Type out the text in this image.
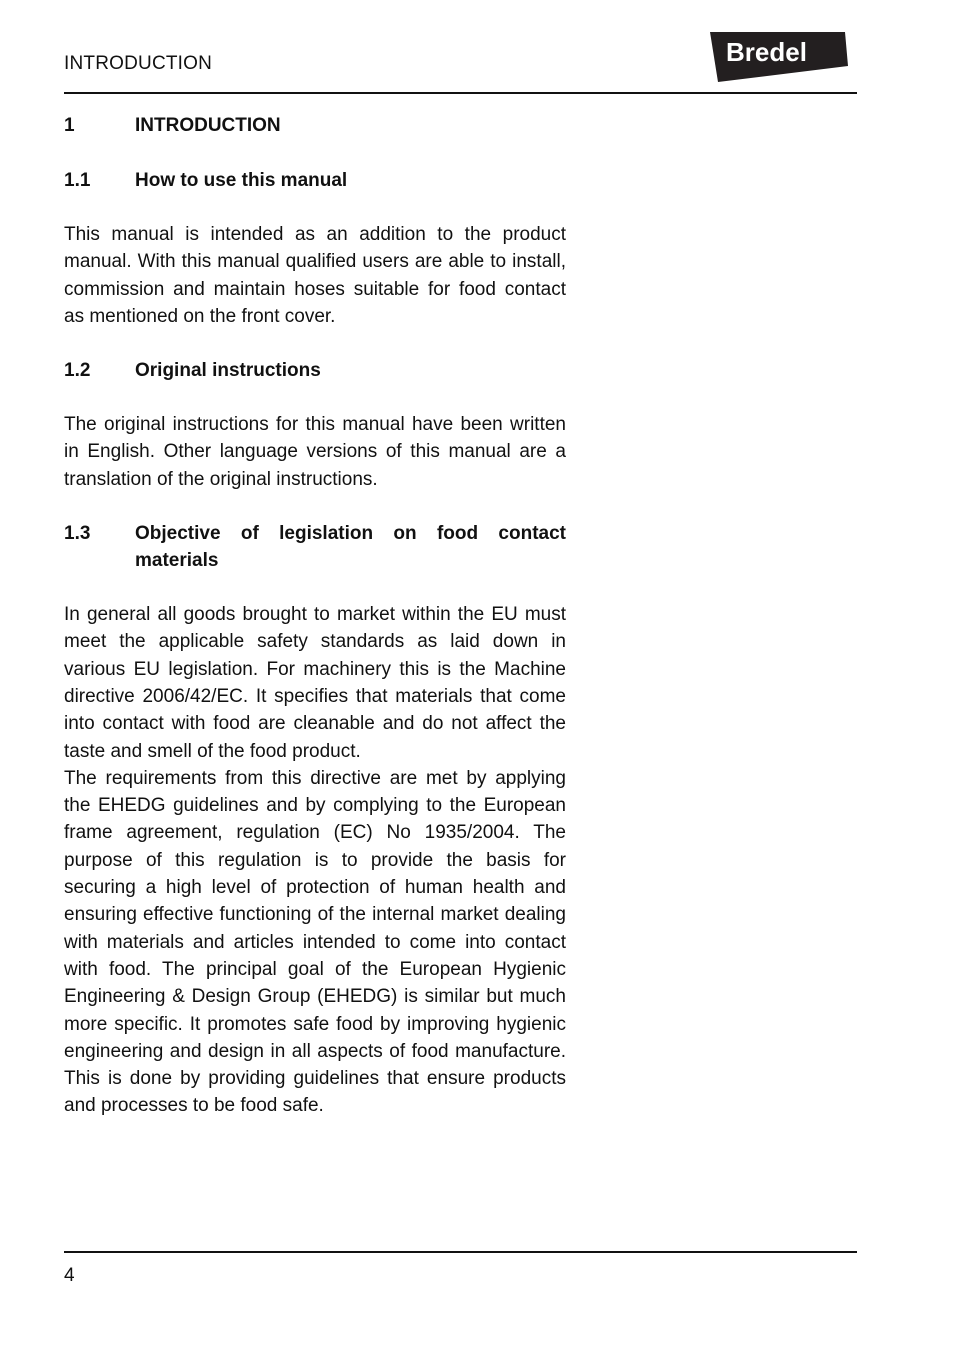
INTRODUCTION	Bredel
1	INTRODUCTION
1.1	How to use this manual

This manual is intended as an addition to the product manual. With this manual qualified users are able to install, commission and maintain hoses suitable for food contact as mentioned on the front cover.

1.2	Original instructions

The original instructions for this manual have been written in English. Other language versions of this manual are a translation of the original instructions.

1.3	Objective of legislation on food contact materials

In general all goods brought to market within the EU must meet the applicable safety standards as laid down in various EU legislation. For machinery this is the Machine directive 2006/42/EC. It specifies that materials that come into contact with food are cleanable and do not affect the taste and smell of the food product.

The requirements from this directive are met by applying the EHEDG guidelines and by complying to the European frame agreement, regulation (EC) No 1935/2004. The purpose of this regulation is to provide the basis for securing a high level of protection of human health and ensuring effective functioning of the internal market dealing with materials and articles intended to come into contact with food. The principal goal of the European Hygienic Engineering & Design Group (EHEDG) is similar but much more specific. It promotes safe food by improving hygienic engineering and design in all aspects of food manufacture. This is done by providing guidelines that ensure products and processes to be food safe.

4
